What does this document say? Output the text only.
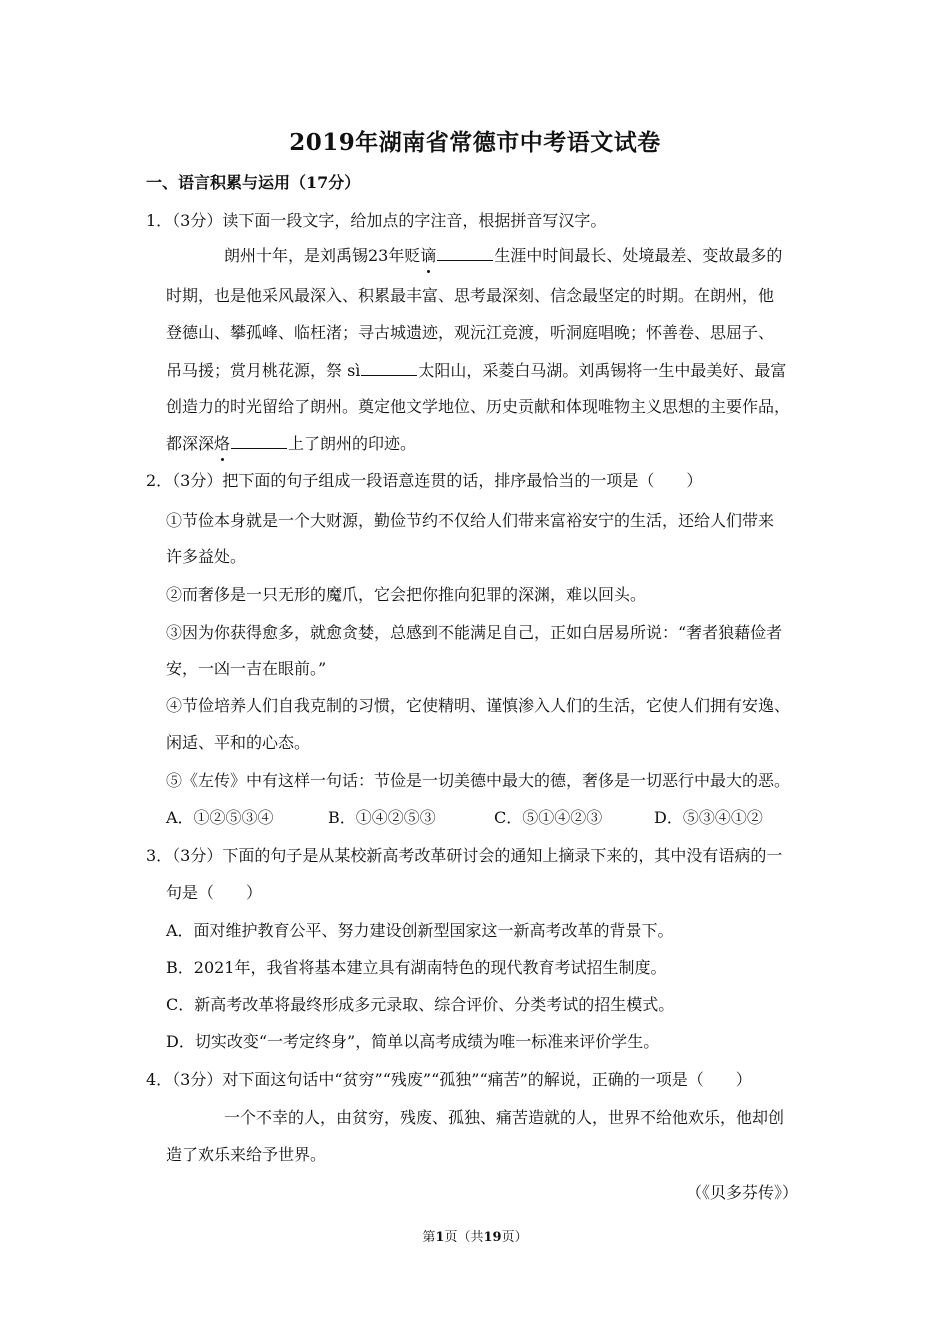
2019年湖南省常德市中考语文试卷
一、语言积累与运用（17分）
1．（3分）读下面一段文字，给加点的字注音，根据拼音写汉字。
朗州十年，是刘禹锡23年贬谪	生涯中时间最长、处境最差、变故最多的
时期，也是他采风最深入、积累最丰富、思考最深刻、信念最坚定的时期。在朗州，他
登德山、攀孤峰、临枉渚；寻古城遗迹，观沅江竞渡，听洞庭唱晚；怀善卷、思屈子、
吊马援；赏月桃花源，祭 sì	太阳山，采菱白马湖。刘禹锡将一生中最美好、最富
创造力的时光留给了朗州。奠定他文学地位、历史贡献和体现唯物主义思想的主要作品，
都深深烙	上了朗州的印迹。
2．（3分）把下面的句子组成一段语意连贯的话，排序最恰当的一项是（　　）
①节俭本身就是一个大财源，勤俭节约不仅给人们带来富裕安宁的生活，还给人们带来
许多益处。
②而奢侈是一只无形的魔爪，它会把你推向犯罪的深渊，难以回头。
③因为你获得愈多，就愈贪婪，总感到不能满足自己，正如白居易所说：“奢者狼藉俭者
安，一凶一吉在眼前。”
④节俭培养人们自我克制的习惯，它使精明、谨慎渗入人们的生活，它使人们拥有安逸、
闲适、平和的心态。
⑤《左传》中有这样一句话：节俭是一切美德中最大的德，奢侈是一切恶行中最大的恶。
A．①②⑤③④	B．①④②⑤③	C．⑤①④②③	D．⑤③④①②
3．（3分）下面的句子是从某校新高考改革研讨会的通知上摘录下来的，其中没有语病的一
句是（　　）
A．面对维护教育公平、努力建设创新型国家这一新高考改革的背景下。
B．2021年，我省将基本建立具有湖南特色的现代教育考试招生制度。
C．新高考改革将最终形成多元录取、综合评价、分类考试的招生模式。
D．切实改变“一考定终身”，简单以高考成绩为唯一标准来评价学生。
4．（3分）对下面这句话中“贫穷”“残废”“孤独”“痛苦”的解说，正确的一项是（　　）
一个不幸的人，由贫穷，残废、孤独、痛苦造就的人，世界不给他欢乐，他却创
造了欢乐来给予世界。
（《贝多芬传》）
第1页（共19页）
